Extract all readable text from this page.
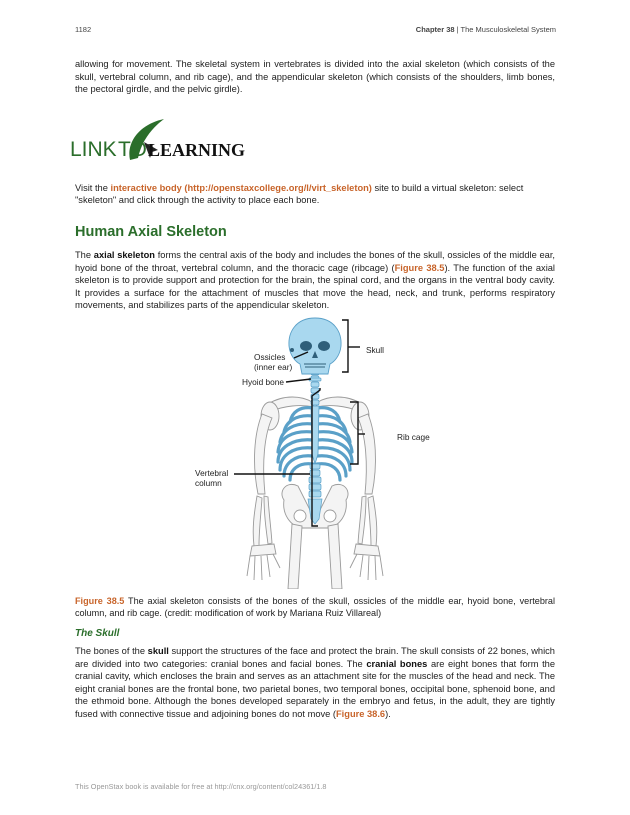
1182	Chapter 38 | The Musculoskeletal System
allowing for movement. The skeletal system in vertebrates is divided into the axial skeleton (which consists of the skull, vertebral column, and rib cage), and the appendicular skeleton (which consists of the shoulders, limb bones, the pectoral girdle, and the pelvic girdle).
LINK TO LEARNING
Visit the interactive body (http://openstaxcollege.org/l/virt_skeleton) site to build a virtual skeleton: select "skeleton" and click through the activity to place each bone.
Human Axial Skeleton
The axial skeleton forms the central axis of the body and includes the bones of the skull, ossicles of the middle ear, hyoid bone of the throat, vertebral column, and the thoracic cage (ribcage) (Figure 38.5). The function of the axial skeleton is to provide support and protection for the brain, the spinal cord, and the organs in the ventral body cavity. It provides a surface for the attachment of muscles that move the head, neck, and trunk, performs respiratory movements, and stabilizes parts of the appendicular skeleton.
Skull
Ossicles
(inner ear)
Hyoid bone
Rib cage
Vertebral
column
Figure 38.5 The axial skeleton consists of the bones of the skull, ossicles of the middle ear, hyoid bone, vertebral column, and rib cage. (credit: modification of work by Mariana Ruiz Villareal)
The Skull
The bones of the skull support the structures of the face and protect the brain. The skull consists of 22 bones, which are divided into two categories: cranial bones and facial bones. The cranial bones are eight bones that form the cranial cavity, which encloses the brain and serves as an attachment site for the muscles of the head and neck. The eight cranial bones are the frontal bone, two parietal bones, two temporal bones, occipital bone, sphenoid bone, and the ethmoid bone. Although the bones developed separately in the embryo and fetus, in the adult, they are tightly fused with connective tissue and adjoining bones do not move (Figure 38.6).
This OpenStax book is available for free at http://cnx.org/content/col24361/1.8
